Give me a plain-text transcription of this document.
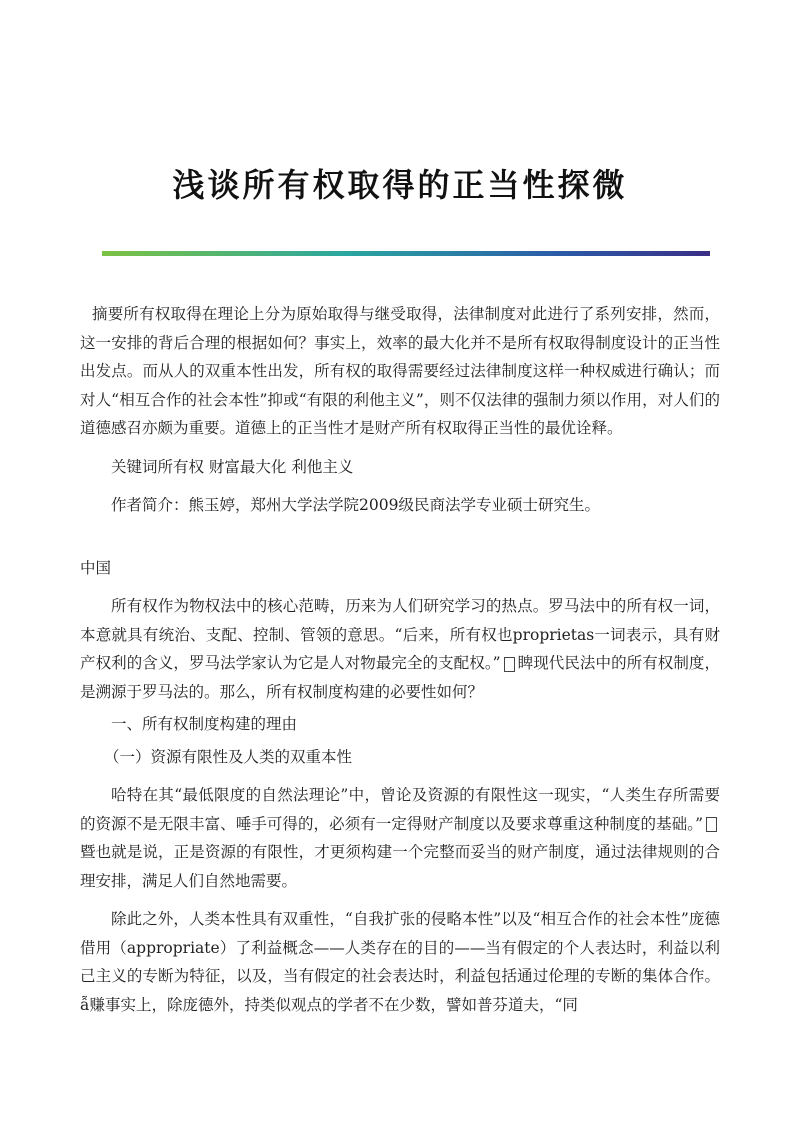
浅谈所有权取得的正当性探微

摘要所有权取得在理论上分为原始取得与继受取得，法律制度对此进行了系列安排，然而，这一安排的背后合理的根据如何？事实上，效率的最大化并不是所有权取得制度设计的正当性出发点。而从人的双重本性出发，所有权的取得需要经过法律制度这样一种权威进行确认；而对人“相互合作的社会本性”抑或“有限的利他主义”，则不仅法律的强制力须以作用，对人们的道德感召亦颇为重要。道德上的正当性才是财产所有权取得正当性的最优诠释。

关键词所有权 财富最大化 利他主义

作者简介：熊玉婷，郑州大学法学院2009级民商法学专业硕士研究生。

中国

所有权作为物权法中的核心范畴，历来为人们研究学习的热点。罗马法中的所有权一词，本意就具有统治、支配、控制、管领的意思。“后来，所有权也proprietas一词表示，具有财产权利的含义，罗马法学家认为它是人对物最完全的支配权。” 睥现代民法中的所有权制度，是溯源于罗马法的。那么，所有权制度构建的必要性如何？

一、所有权制度构建的理由

（一）资源有限性及人类的双重本性

哈特在其“最低限度的自然法理论”中，曾论及资源的有限性这一现实，“人类生存所需要的资源不是无限丰富、唾手可得的，必须有一定得财产制度以及要求尊重这种制度的基础。”暨也就是说，正是资源的有限性，才更须构建一个完整而妥当的财产制度，通过法律规则的合理安排，满足人们自然地需要。

除此之外，人类本性具有双重性，“自我扩张的侵略本性”以及“相互合作的社会本性”庞德借用（appropriate）了利益概念——人类存在的目的——当有假定的个人表达时，利益以利己主义的专断为特征，以及，当有假定的社会表达时，利益包括通过伦理的专断的集体合作。ẫ赚事实上，除庞德外，持类似观点的学者不在少数，譬如普芬道夫，“同
